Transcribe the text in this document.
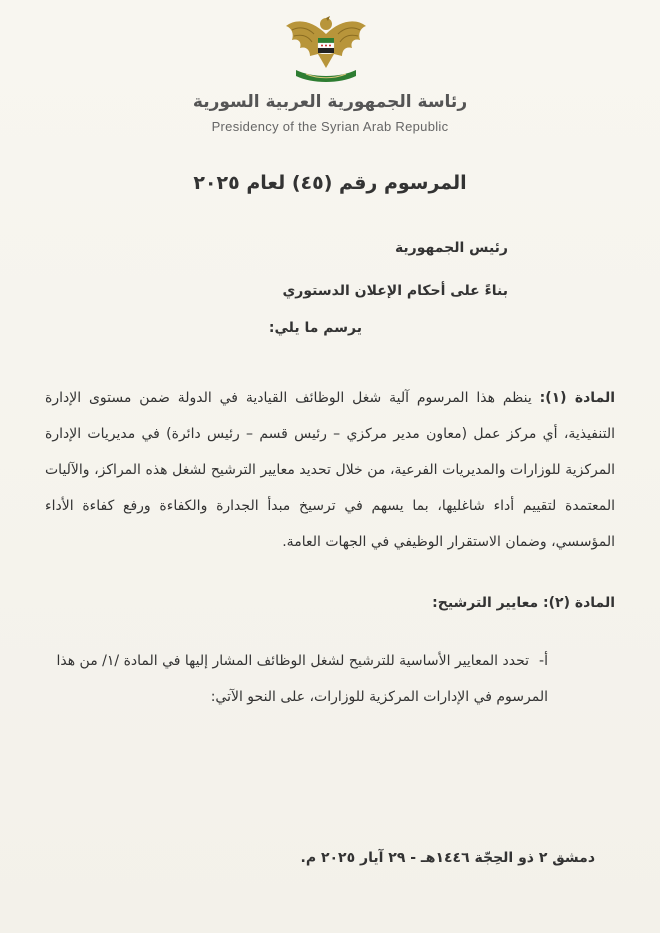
رئاسة الجمهورية العربية السورية
Presidency of the Syrian Arab Republic
المرسوم رقم (٤٥) لعام ٢٠٢٥
رئيس الجمهورية
بناءً على أحكام الإعلان الدستوري
يرسم ما يلي:
المادة (١): ينظم هذا المرسوم آلية شغل الوظائف القيادية في الدولة ضمن مستوى الإدارة التنفيذية، أي مركز عمل (معاون مدير مركزي – رئيس قسم – رئيس دائرة) في مديريات الإدارة المركزية للوزارات والمديريات الفرعية، من خلال تحديد معايير الترشيح لشغل هذه المراكز، والآليات المعتمدة لتقييم أداء شاغليها، بما يسهم في ترسيخ مبدأ الجدارة والكفاءة ورفع كفاءة الأداء المؤسسي، وضمان الاستقرار الوظيفي في الجهات العامة.
المادة (٢): معايير الترشيح:
أ-تحدد المعايير الأساسية للترشيح لشغل الوظائف المشار إليها في المادة /١/ من هذا المرسوم في الإدارات المركزية للوزارات، على النحو الآتي:
دمشق ٢ ذو الحِجّة ١٤٤٦هـ - ٢٩ آيار ٢٠٢٥ م.
